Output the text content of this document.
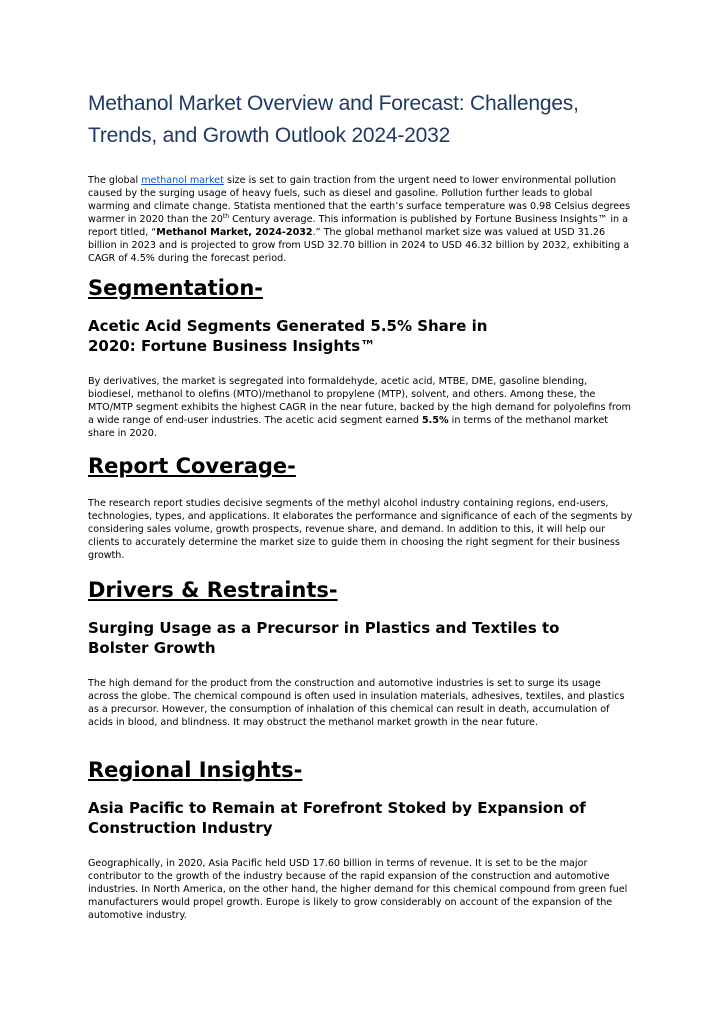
Methanol Market Overview and Forecast: Challenges, Trends, and Growth Outlook 2024-2032

The global methanol market size is set to gain traction from the urgent need to lower environmental pollution caused by the surging usage of heavy fuels, such as diesel and gasoline. Pollution further leads to global warming and climate change. Statista mentioned that the earth’s surface temperature was 0.98 Celsius degrees warmer in 2020 than the 20th Century average. This information is published by Fortune Business Insights™ in a report titled, “Methanol Market, 2024-2032.” The global methanol market size was valued at USD 31.26 billion in 2023 and is projected to grow from USD 32.70 billion in 2024 to USD 46.32 billion by 2032, exhibiting a CAGR of 4.5% during the forecast period.

Segmentation-
Acetic Acid Segments Generated 5.5% Share in 2020: Fortune Business Insights™

By derivatives, the market is segregated into formaldehyde, acetic acid, MTBE, DME, gasoline blending, biodiesel, methanol to olefins (MTO)/methanol to propylene (MTP), solvent, and others. Among these, the MTO/MTP segment exhibits the highest CAGR in the near future, backed by the high demand for polyolefins from a wide range of end-user industries. The acetic acid segment earned 5.5% in terms of the methanol market share in 2020.

Report Coverage-

The research report studies decisive segments of the methyl alcohol industry containing regions, end-users, technologies, types, and applications. It elaborates the performance and significance of each of the segments by considering sales volume, growth prospects, revenue share, and demand. In addition to this, it will help our clients to accurately determine the market size to guide them in choosing the right segment for their business growth.

Drivers & Restraints-
Surging Usage as a Precursor in Plastics and Textiles to Bolster Growth

The high demand for the product from the construction and automotive industries is set to surge its usage across the globe. The chemical compound is often used in insulation materials, adhesives, textiles, and plastics as a precursor. However, the consumption of inhalation of this chemical can result in death, accumulation of acids in blood, and blindness. It may obstruct the methanol market growth in the near future.

Regional Insights-
Asia Pacific to Remain at Forefront Stoked by Expansion of Construction Industry

Geographically, in 2020, Asia Pacific held USD 17.60 billion in terms of revenue. It is set to be the major contributor to the growth of the industry because of the rapid expansion of the construction and automotive industries. In North America, on the other hand, the higher demand for this chemical compound from green fuel manufacturers would propel growth. Europe is likely to grow considerably on account of the expansion of the automotive industry.
